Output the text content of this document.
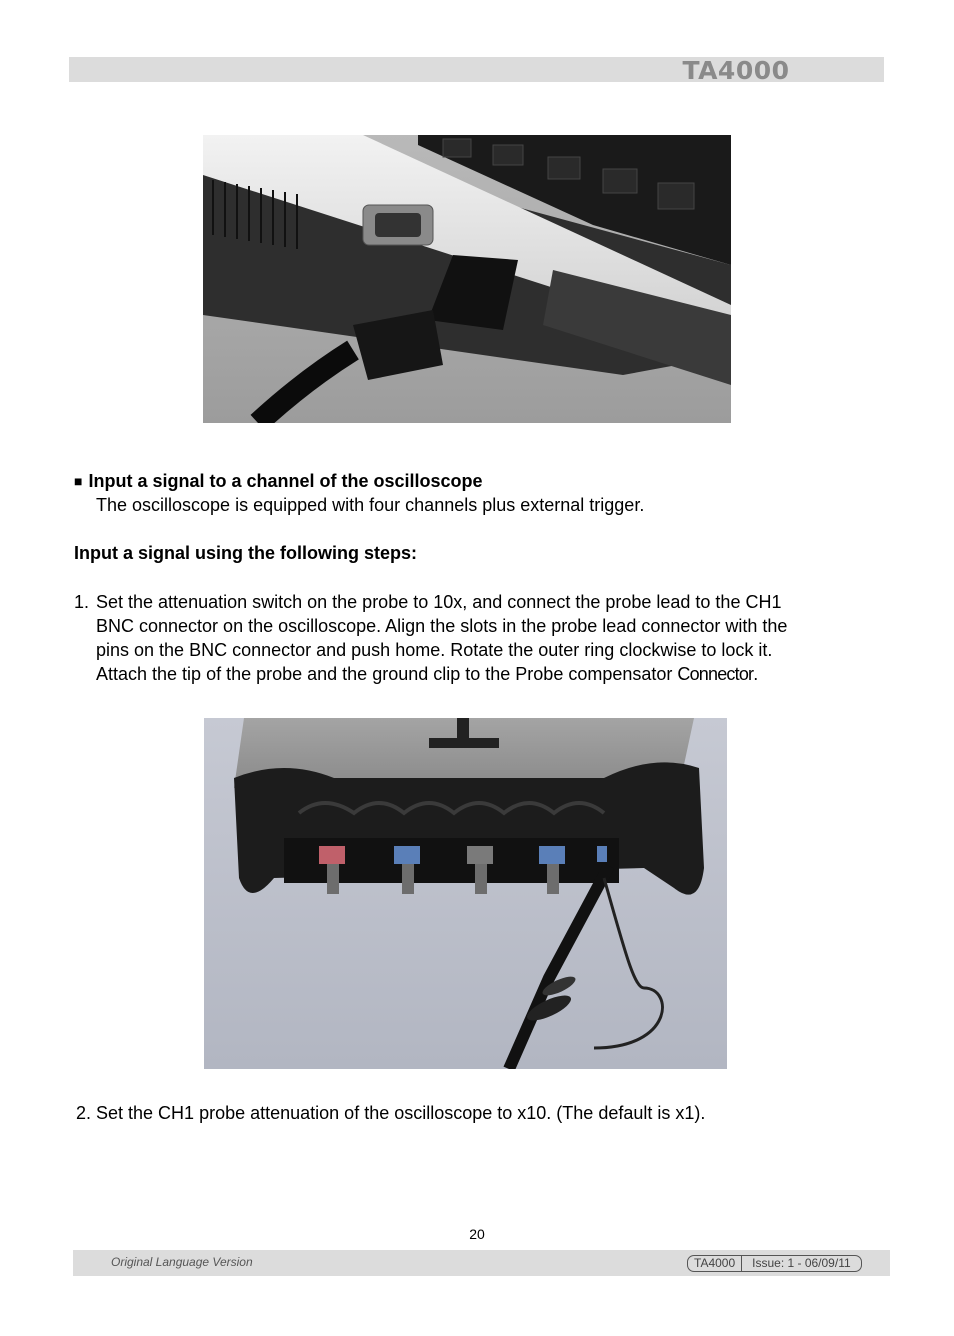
TA4000
■ Input a signal to a channel of the oscilloscope
The oscilloscope is equipped with four channels plus external trigger.
Input a signal using the following steps:
1. Set the attenuation switch on the probe to 10x, and connect the probe lead to the CH1
BNC connector on the oscilloscope. Align the slots in the probe lead connector with the
pins on the BNC connector and push home. Rotate the outer ring clockwise to lock it.
Attach the tip of the probe and the ground clip to the Probe compensator Connector.
2. Set the CH1 probe attenuation of the oscilloscope to x10. (The default is x1).
20
Original Language Version	TA4000	Issue: 1 - 06/09/11
